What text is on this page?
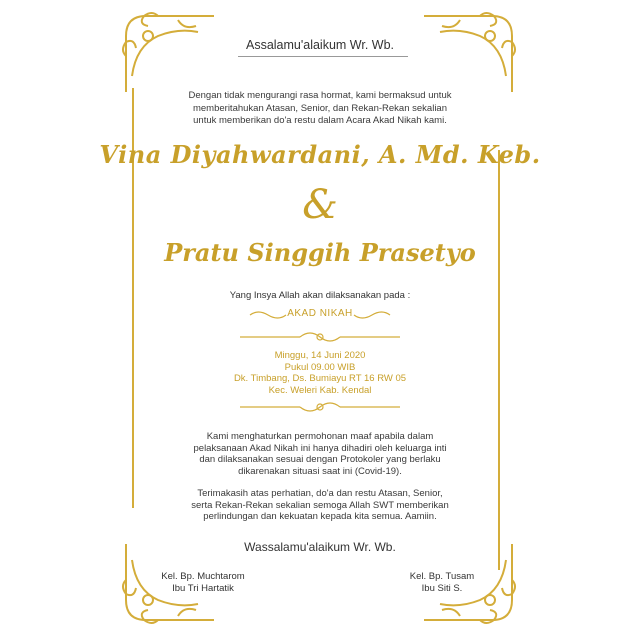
Assalamu'alaikum Wr. Wb.
Dengan tidak mengurangi rasa hormat, kami bermaksud untuk
memberitahukan Atasan, Senior, dan Rekan-Rekan sekalian
untuk memberikan do'a restu dalam Acara Akad Nikah kami.
Vina Diyahwardani, A. Md. Keb.
&
Pratu Singgih Prasetyo
Yang Insya Allah akan dilaksanakan pada :
AKAD NIKAH
Minggu, 14 Juni 2020
Pukul 09.00 WIB
Dk. Timbang, Ds. Bumiayu RT 16 RW 05
Kec. Weleri Kab. Kendal
Kami menghaturkan permohonan maaf apabila dalam
pelaksanaan Akad Nikah ini hanya dihadiri oleh keluarga inti
dan dilaksanakan sesuai dengan Protokoler yang berlaku
dikarenakan situasi saat ini (Covid-19).
Terimakasih atas perhatian, do'a dan restu Atasan, Senior,
serta Rekan-Rekan sekalian semoga Allah SWT memberikan
perlindungan dan kekuatan kepada kita semua. Aamiin.
Wassalamu'alaikum Wr. Wb.
Kel. Bp. Muchtarom
Ibu Tri Hartatik
Kel. Bp. Tusam
Ibu Siti S.
